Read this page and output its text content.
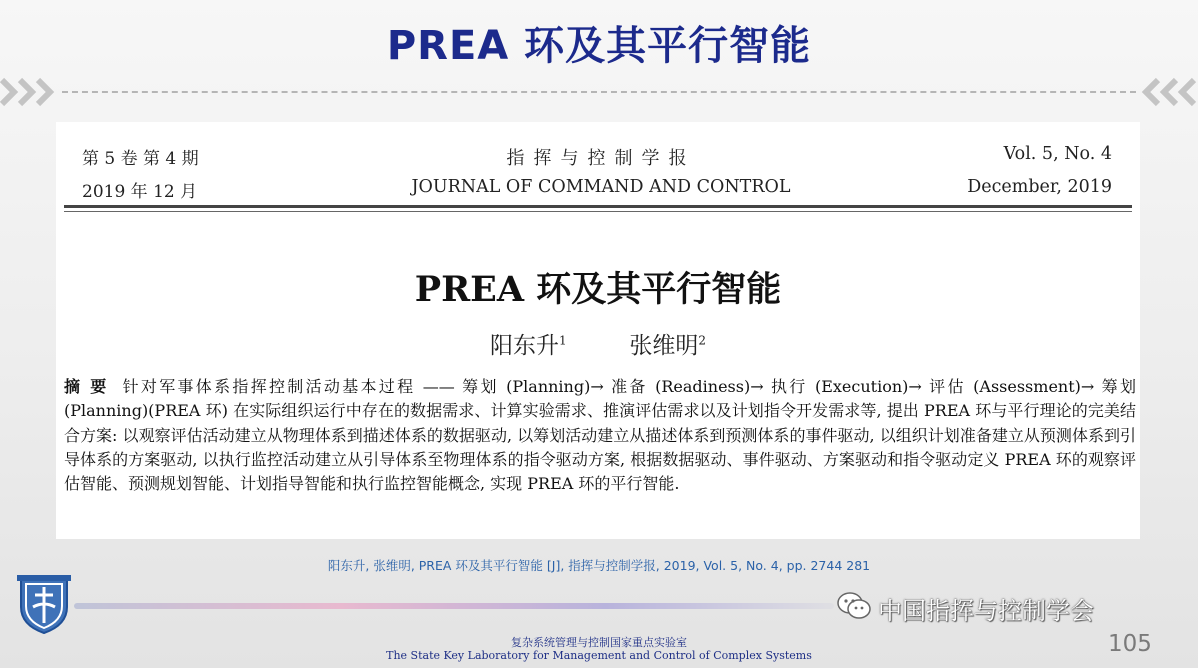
PREA 环及其平行智能
第 5 卷 第 4 期
2019 年 12 月
指挥与控制学报
JOURNAL OF COMMAND AND CONTROL
Vol. 5, No. 4
December, 2019
PREA 环及其平行智能
阳东升$^1$	张维明$^2$
摘要 针对军事体系指挥控制活动基本过程 —— 筹划 (Planning)→ 准备 (Readiness)→ 执行 (Execution)→ 评估 (Assessment)→ 筹划 (Planning)(PREA 环) 在实际组织运行中存在的数据需求、计算实验需求、推演评估需求以及计划指令开发需求等, 提出 PREA 环与平行理论的完美结合方案: 以观察评估活动建立从物理体系到描述体系的数据驱动, 以筹划活动建立从描述体系到预测体系的事件驱动, 以组织计划准备建立从预测体系到引导体系的方案驱动, 以执行监控活动建立从引导体系至物理体系的指令驱动方案, 根据数据驱动、事件驱动、方案驱动和指令驱动定义 PREA 环的观察评估智能、预测规划智能、计划指导智能和执行监控智能概念, 实现 PREA 环的平行智能.
阳东升, 张维明, PREA 环及其平行智能 [J], 指挥与控制学报, 2019, Vol. 5, No. 4, pp. 2744 281
中国指挥与控制学会
105
复杂系统管理与控制国家重点实验室
The State Key Laboratory for Management and Control of Complex Systems
